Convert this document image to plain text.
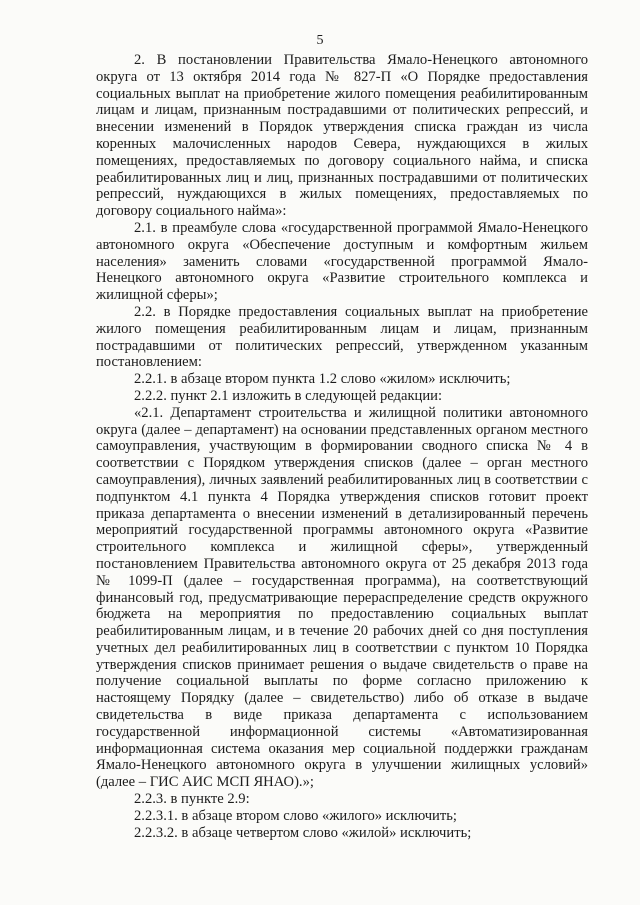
5

2. В постановлении Правительства Ямало-Ненецкого автономного округа от 13 октября 2014 года № 827-П «О Порядке предоставления социальных выплат на приобретение жилого помещения реабилитированным лицам и лицам, признанным пострадавшими от политических репрессий, и внесении изменений в Порядок утверждения списка граждан из числа коренных малочисленных народов Севера, нуждающихся в жилых помещениях, предоставляемых по договору социального найма, и списка реабилитированных лиц и лиц, признанных пострадавшими от политических репрессий, нуждающихся в жилых помещениях, предоставляемых по договору социального найма»:

2.1. в преамбуле слова «государственной программой Ямало-Ненецкого автономного округа «Обеспечение доступным и комфортным жильем населения» заменить словами «государственной программой Ямало-Ненецкого автономного округа «Развитие строительного комплекса и жилищной сферы»;

2.2. в Порядке предоставления социальных выплат на приобретение жилого помещения реабилитированным лицам и лицам, признанным пострадавшими от политических репрессий, утвержденном указанным постановлением:

2.2.1. в абзаце втором пункта 1.2 слово «жилом» исключить;

2.2.2. пункт 2.1 изложить в следующей редакции:

«2.1. Департамент строительства и жилищной политики автономного округа (далее – департамент) на основании представленных органом местного самоуправления, участвующим в формировании сводного списка № 4 в соответствии с Порядком утверждения списков (далее – орган местного самоуправления), личных заявлений реабилитированных лиц в соответствии с подпунктом 4.1 пункта 4 Порядка утверждения списков готовит проект приказа департамента о внесении изменений в детализированный перечень мероприятий государственной программы автономного округа «Развитие строительного комплекса и жилищной сферы», утвержденный постановлением Правительства автономного округа от 25 декабря 2013 года № 1099-П (далее – государственная программа), на соответствующий финансовый год, предусматривающие перераспределение средств окружного бюджета на мероприятия по предоставлению социальных выплат реабилитированным лицам, и в течение 20 рабочих дней со дня поступления учетных дел реабилитированных лиц в соответствии с пунктом 10 Порядка утверждения списков принимает решения о выдаче свидетельств о праве на получение социальной выплаты по форме согласно приложению к настоящему Порядку (далее – свидетельство) либо об отказе в выдаче свидетельства в виде приказа департамента с использованием государственной информационной системы «Автоматизированная информационная система оказания мер социальной поддержки гражданам Ямало-Ненецкого автономного округа в улучшении жилищных условий» (далее – ГИС АИС МСП ЯНАО).»;

2.2.3. в пункте 2.9:

2.2.3.1. в абзаце втором слово «жилого» исключить;

2.2.3.2. в абзаце четвертом слово «жилой» исключить;
